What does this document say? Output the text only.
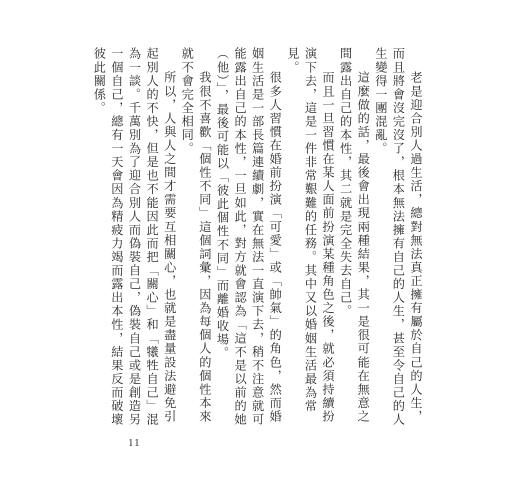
老是迎合別人過生活，總對無法真正擁有屬於自己的人生，而且將會沒完沒了，根本無法擁有自己的人生，甚至令自己的人生變得一團混亂。

這麼做的話，最後會出現兩種結果，其一是很可能在無意之間露出自己的本性，其二就是完全失去自己。

而且一旦習慣在某人面前扮演某種角色之後，就必須持續扮演下去，這是一件非常艱難的任務。其中又以婚姻生活最為常見。

很多人習慣在婚前扮演「可愛」或「帥氣」的角色，然而婚姻生活是一部長篇連續劇，實在無法一直演下去，稍不注意就可能露出自己的本性，一旦如此，對方就會認為「這不是以前的她（他）」，最後可能以「彼此個性不同」而離婚收場。

我很不喜歡「個性不同」這個詞彙，因為每個人的個性本來就不會完全相同。

所以，人與人之間才需要互相關心，也就是盡量設法避免引起別人的不快，但是也不能因此而把「關心」和「犧牲自己」混為一談。千萬別為了迎合別人而偽裝自己，偽裝自己或是創造另一個自己，總有一天會因為精疲力竭而露出本性，結果反而破壞彼此關係。

11
